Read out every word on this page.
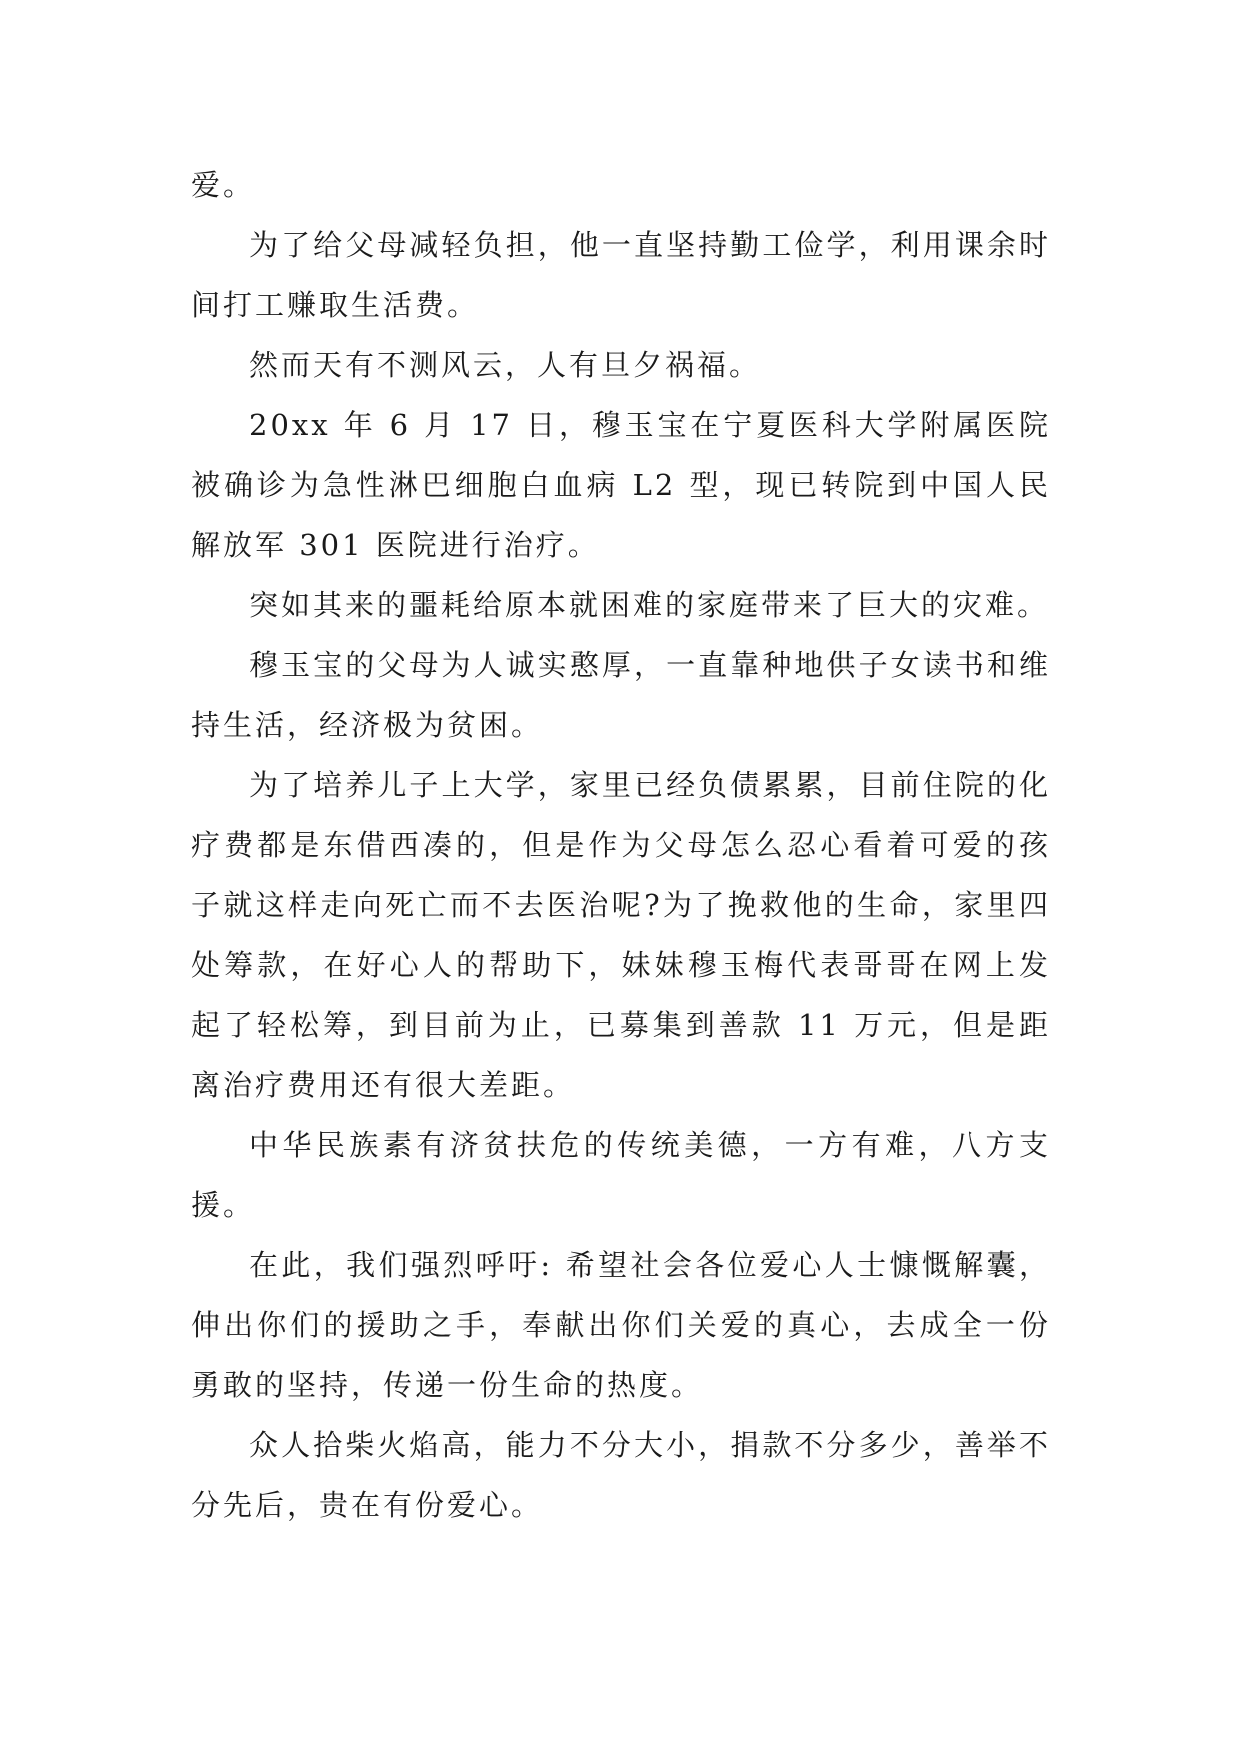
爱。

为了给父母减轻负担，他一直坚持勤工俭学，利用课余时间打工赚取生活费。

然而天有不测风云，人有旦夕祸福。

20xx 年 6 月 17 日，穆玉宝在宁夏医科大学附属医院被确诊为急性淋巴细胞白血病 L2 型，现已转院到中国人民解放军 301 医院进行治疗。

突如其来的噩耗给原本就困难的家庭带来了巨大的灾难。

穆玉宝的父母为人诚实憨厚，一直靠种地供子女读书和维持生活，经济极为贫困。

为了培养儿子上大学，家里已经负债累累，目前住院的化疗费都是东借西凑的，但是作为父母怎么忍心看着可爱的孩子就这样走向死亡而不去医治呢?为了挽救他的生命，家里四处筹款，在好心人的帮助下，妹妹穆玉梅代表哥哥在网上发起了轻松筹，到目前为止，已募集到善款 11 万元，但是距离治疗费用还有很大差距。

中华民族素有济贫扶危的传统美德，一方有难，八方支援。

在此，我们强烈呼吁: 希望社会各位爱心人士慷慨解囊，伸出你们的援助之手，奉献出你们关爱的真心，去成全一份勇敢的坚持，传递一份生命的热度。

众人拾柴火焰高，能力不分大小，捐款不分多少，善举不分先后，贵在有份爱心。
